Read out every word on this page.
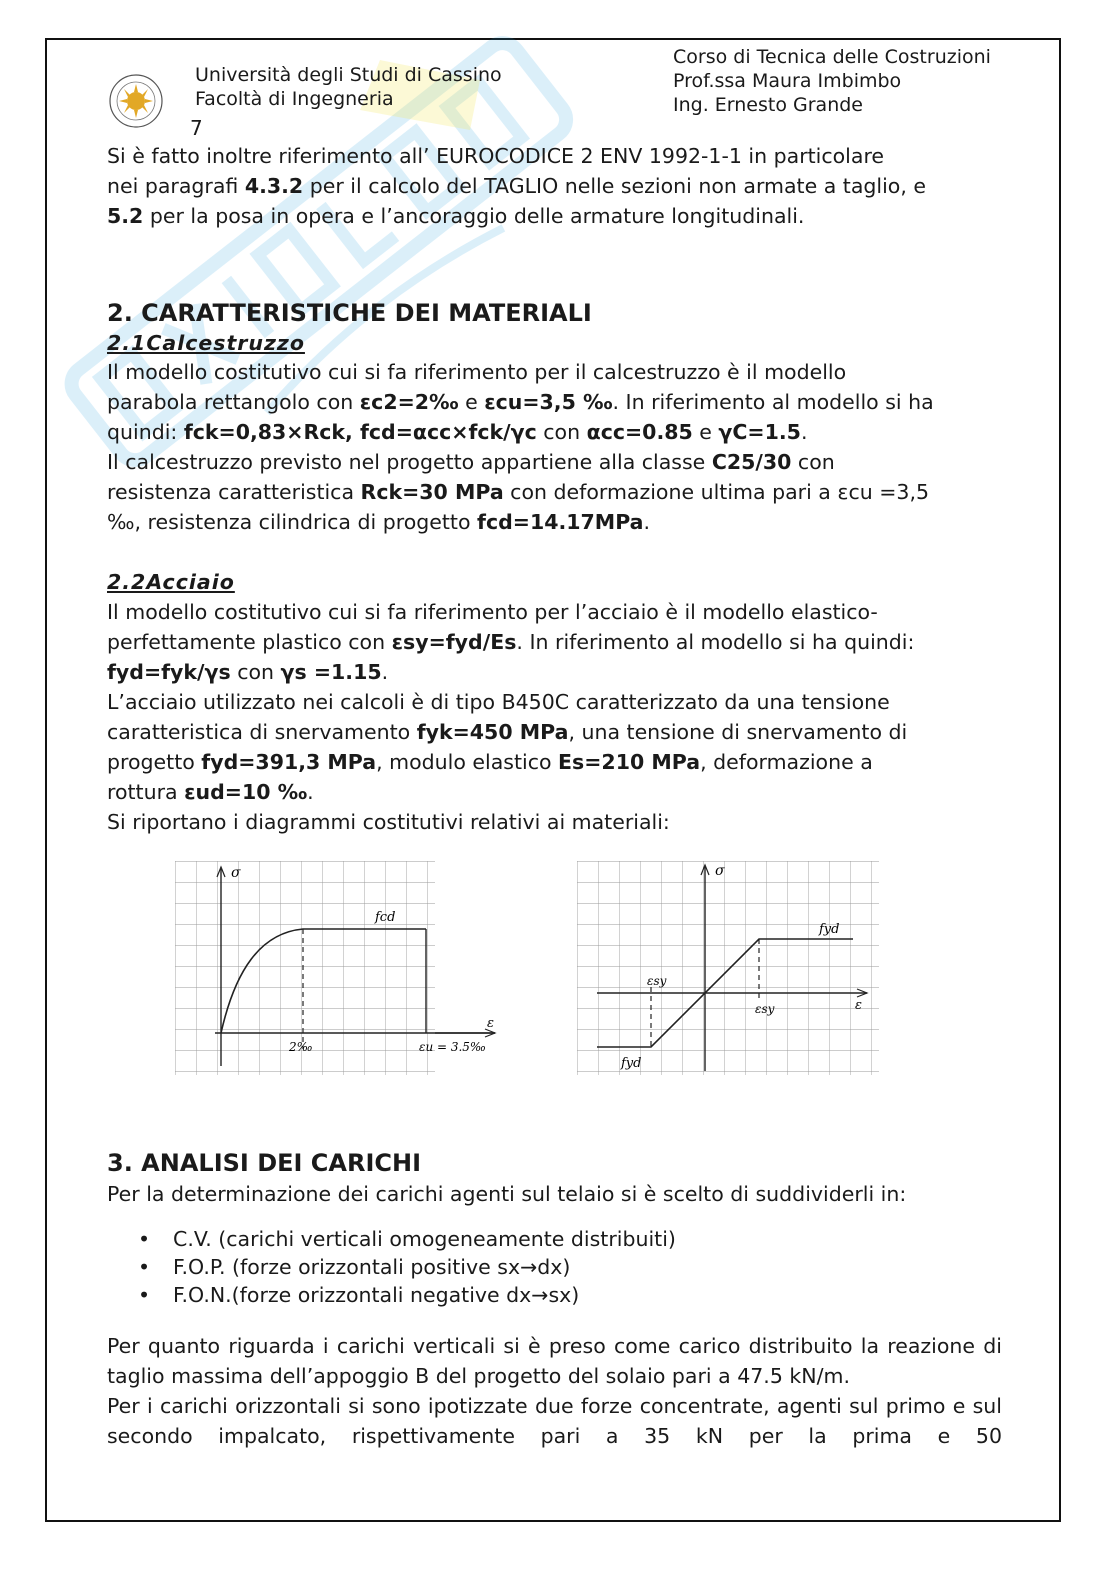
Università degli Studi di Cassino
Facoltà di Ingegneria
7
Corso di Tecnica delle Costruzioni
Prof.ssa Maura Imbimbo
Ing. Ernesto Grande

Si è fatto inoltre riferimento all’ EUROCODICE 2 ENV 1992-1-1 in particolare

nei paragrafi 4.3.2 per il calcolo del TAGLIO nelle sezioni non armate a taglio, e

5.2 per la posa in opera e l’ancoraggio delle armature longitudinali.

2. CARATTERISTICHE DEI MATERIALI

2.1Calcestruzzo

Il modello costitutivo cui si fa riferimento per il calcestruzzo è il modello

parabola rettangolo con εc2=2‰ e εcu=3,5 ‰. In riferimento al modello si ha

quindi: fck=0,83×Rck, fcd=αcc×fck/γc con αcc=0.85 e γC=1.5.

Il calcestruzzo previsto nel progetto appartiene alla classe C25/30 con

resistenza caratteristica Rck=30 MPa con deformazione ultima pari a εcu =3,5

‰, resistenza cilindrica di progetto fcd=14.17MPa.

2.2Acciaio

Il modello costitutivo cui si fa riferimento per l’acciaio è il modello elastico-

perfettamente plastico con εsy=fyd/Es. In riferimento al modello si ha quindi:

fyd=fyk/γs con γs =1.15.

L’acciaio utilizzato nei calcoli è di tipo B450C caratterizzato da una tensione

caratteristica di snervamento fyk=450 MPa, una tensione di snervamento di

progetto fyd=391,3 MPa, modulo elastico Es=210 MPa, deformazione a

rottura εud=10 ‰.

Si riportano i diagrammi costitutivi relativi ai materiali:

σ
fcd
2‰	εu = 3.5‰
ε
σ
ε
fyd
fyd
εsy
εsy

3. ANALISI DEI CARICHI

Per la determinazione dei carichi agenti sul telaio si è scelto di suddividerli in:

• C.V. (carichi verticali omogeneamente distribuiti)
• F.O.P. (forze orizzontali positive sx→dx)
• F.O.N.(forze orizzontali negative dx→sx)

Per quanto riguarda i carichi verticali si è preso come carico distribuito la reazione di taglio massima dell’appoggio B del progetto del solaio pari a 47.5 kN/m.

Per i carichi orizzontali si sono ipotizzate due forze concentrate, agenti sul primo e sul secondo impalcato, rispettivamente pari a 35 kN per la prima e 50
